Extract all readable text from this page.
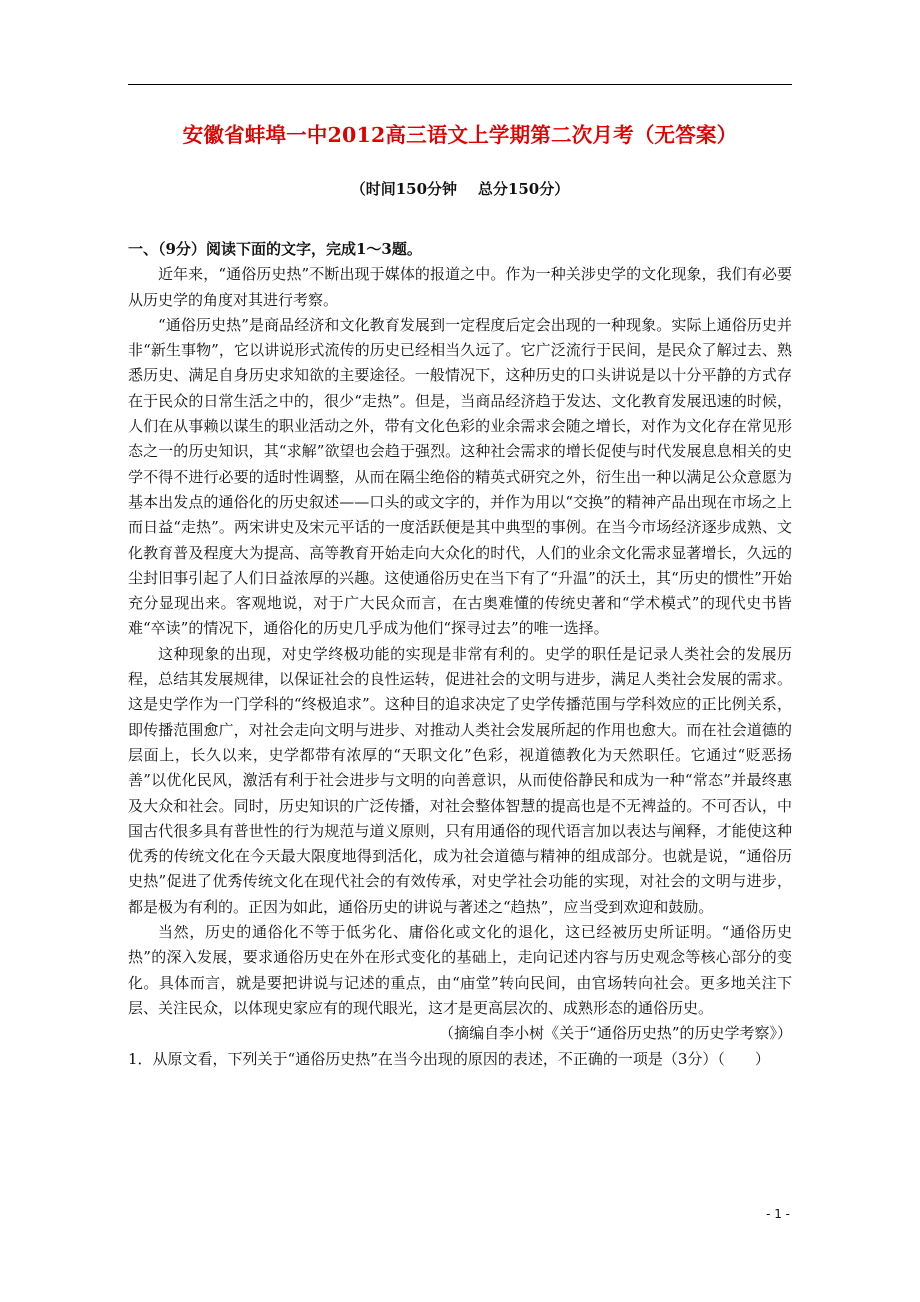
安徽省蚌埠一中2012高三语文上学期第二次月考（无答案）
（时间150分钟    总分150分）

一、（9分）阅读下面的文字，完成1～3题。

近年来，“通俗历史热”不断出现于媒体的报道之中。作为一种关涉史学的文化现象，我们有必要从历史学的角度对其进行考察。

“通俗历史热”是商品经济和文化教育发展到一定程度后定会出现的一种现象。实际上通俗历史并非“新生事物”，它以讲说形式流传的历史已经相当久远了。它广泛流行于民间，是民众了解过去、熟悉历史、满足自身历史求知欲的主要途径。一般情况下，这种历史的口头讲说是以十分平静的方式存在于民众的日常生活之中的，很少“走热”。但是，当商品经济趋于发达、文化教育发展迅速的时候，人们在从事赖以谋生的职业活动之外，带有文化色彩的业余需求会随之增长，对作为文化存在常见形态之一的历史知识，其“求解”欲望也会趋于强烈。这种社会需求的增长促使与时代发展息息相关的史学不得不进行必要的适时性调整，从而在隔尘绝俗的精英式研究之外，衍生出一种以满足公众意愿为基本出发点的通俗化的历史叙述——口头的或文字的，并作为用以“交换”的精神产品出现在市场之上而日益“走热”。两宋讲史及宋元平话的一度活跃便是其中典型的事例。在当今市场经济逐步成熟、文化教育普及程度大为提高、高等教育开始走向大众化的时代，人们的业余文化需求显著增长，久远的尘封旧事引起了人们日益浓厚的兴趣。这使通俗历史在当下有了“升温”的沃土，其“历史的惯性”开始充分显现出来。客观地说，对于广大民众而言，在古奥难懂的传统史著和“学术模式”的现代史书皆难“卒读”的情况下，通俗化的历史几乎成为他们“探寻过去”的唯一选择。

这种现象的出现，对史学终极功能的实现是非常有利的。史学的职任是记录人类社会的发展历程，总结其发展规律，以保证社会的良性运转，促进社会的文明与进步，满足人类社会发展的需求。这是史学作为一门学科的“终极追求”。这种目的追求决定了史学传播范围与学科效应的正比例关系，即传播范围愈广，对社会走向文明与进步、对推动人类社会发展所起的作用也愈大。而在社会道德的层面上，长久以来，史学都带有浓厚的“天职文化”色彩，视道德教化为天然职任。它通过“贬恶扬善”以优化民风，激活有利于社会进步与文明的向善意识，从而使俗静民和成为一种“常态”并最终惠及大众和社会。同时，历史知识的广泛传播，对社会整体智慧的提高也是不无裨益的。不可否认，中国古代很多具有普世性的行为规范与道义原则，只有用通俗的现代语言加以表达与阐释，才能使这种优秀的传统文化在今天最大限度地得到活化，成为社会道德与精神的组成部分。也就是说，“通俗历史热”促进了优秀传统文化在现代社会的有效传承，对史学社会功能的实现，对社会的文明与进步，都是极为有利的。正因为如此，通俗历史的讲说与著述之“趋热”，应当受到欢迎和鼓励。

当然，历史的通俗化不等于低劣化、庸俗化或文化的退化，这已经被历史所证明。“通俗历史热”的深入发展，要求通俗历史在外在形式变化的基础上，走向记述内容与历史观念等核心部分的变化。具体而言，就是要把讲说与记述的重点，由“庙堂”转向民间，由官场转向社会。更多地关注下层、关注民众，以体现史家应有的现代眼光，这才是更高层次的、成熟形态的通俗历史。

（摘编自李小树《关于“通俗历史热”的历史学考察》）

1．从原文看，下列关于“通俗历史热”在当今出现的原因的表述，不正确的一项是（3分）（　　）

- 1 -
